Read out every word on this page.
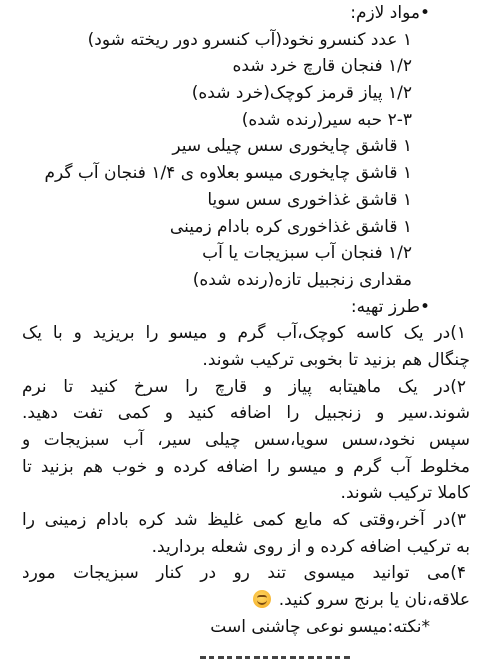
•مواد لازم:
۱ عدد کنسرو نخود(آب کنسرو دور ریخته شود)
۱/۲ فنجان قارچ خرد شده
۱/۲ پیاز قرمز کوچک(خرد شده)
۲-۳ حبه سیر(رنده شده)
۱ قاشق چایخوری سس چیلی سیر
۱ قاشق چایخوری میسو بعلاوه ی ۱/۴ فنجان آب گرم
۱ قاشق غذاخوری سس سویا
۱ قاشق غذاخوری کره بادام زمینی
۱/۲ فنجان آب سبزیجات یا آب
مقداری زنجبیل تازه(رنده شده)
•طرز تهیه:
۱)در یک کاسه کوچک،آب گرم و میسو را بریزید و با یک
چنگال هم بزنید تا بخوبی ترکیب شوند.
۲)در یک ماهیتابه پیاز و قارچ را سرخ کنید تا نرم
شوند.سیر و زنجبیل را اضافه کنید و کمی تفت دهید.
سپس نخود،سس سویا،سس چیلی سیر، آب سبزیجات و
مخلوط آب گرم و میسو را اضافه کرده و خوب هم بزنید تا
کاملا ترکیب شوند.
۳)در آخر،وقتی که مایع کمی غلیظ شد کره بادام زمینی را
به ترکیب اضافه کرده و از روی شعله بردارید.
۴)می توانید میسوی تند رو در کنار سبزیجات مورد
علاقه،نان یا برنج سرو کنید.
*نکته:میسو نوعی چاشنی است
